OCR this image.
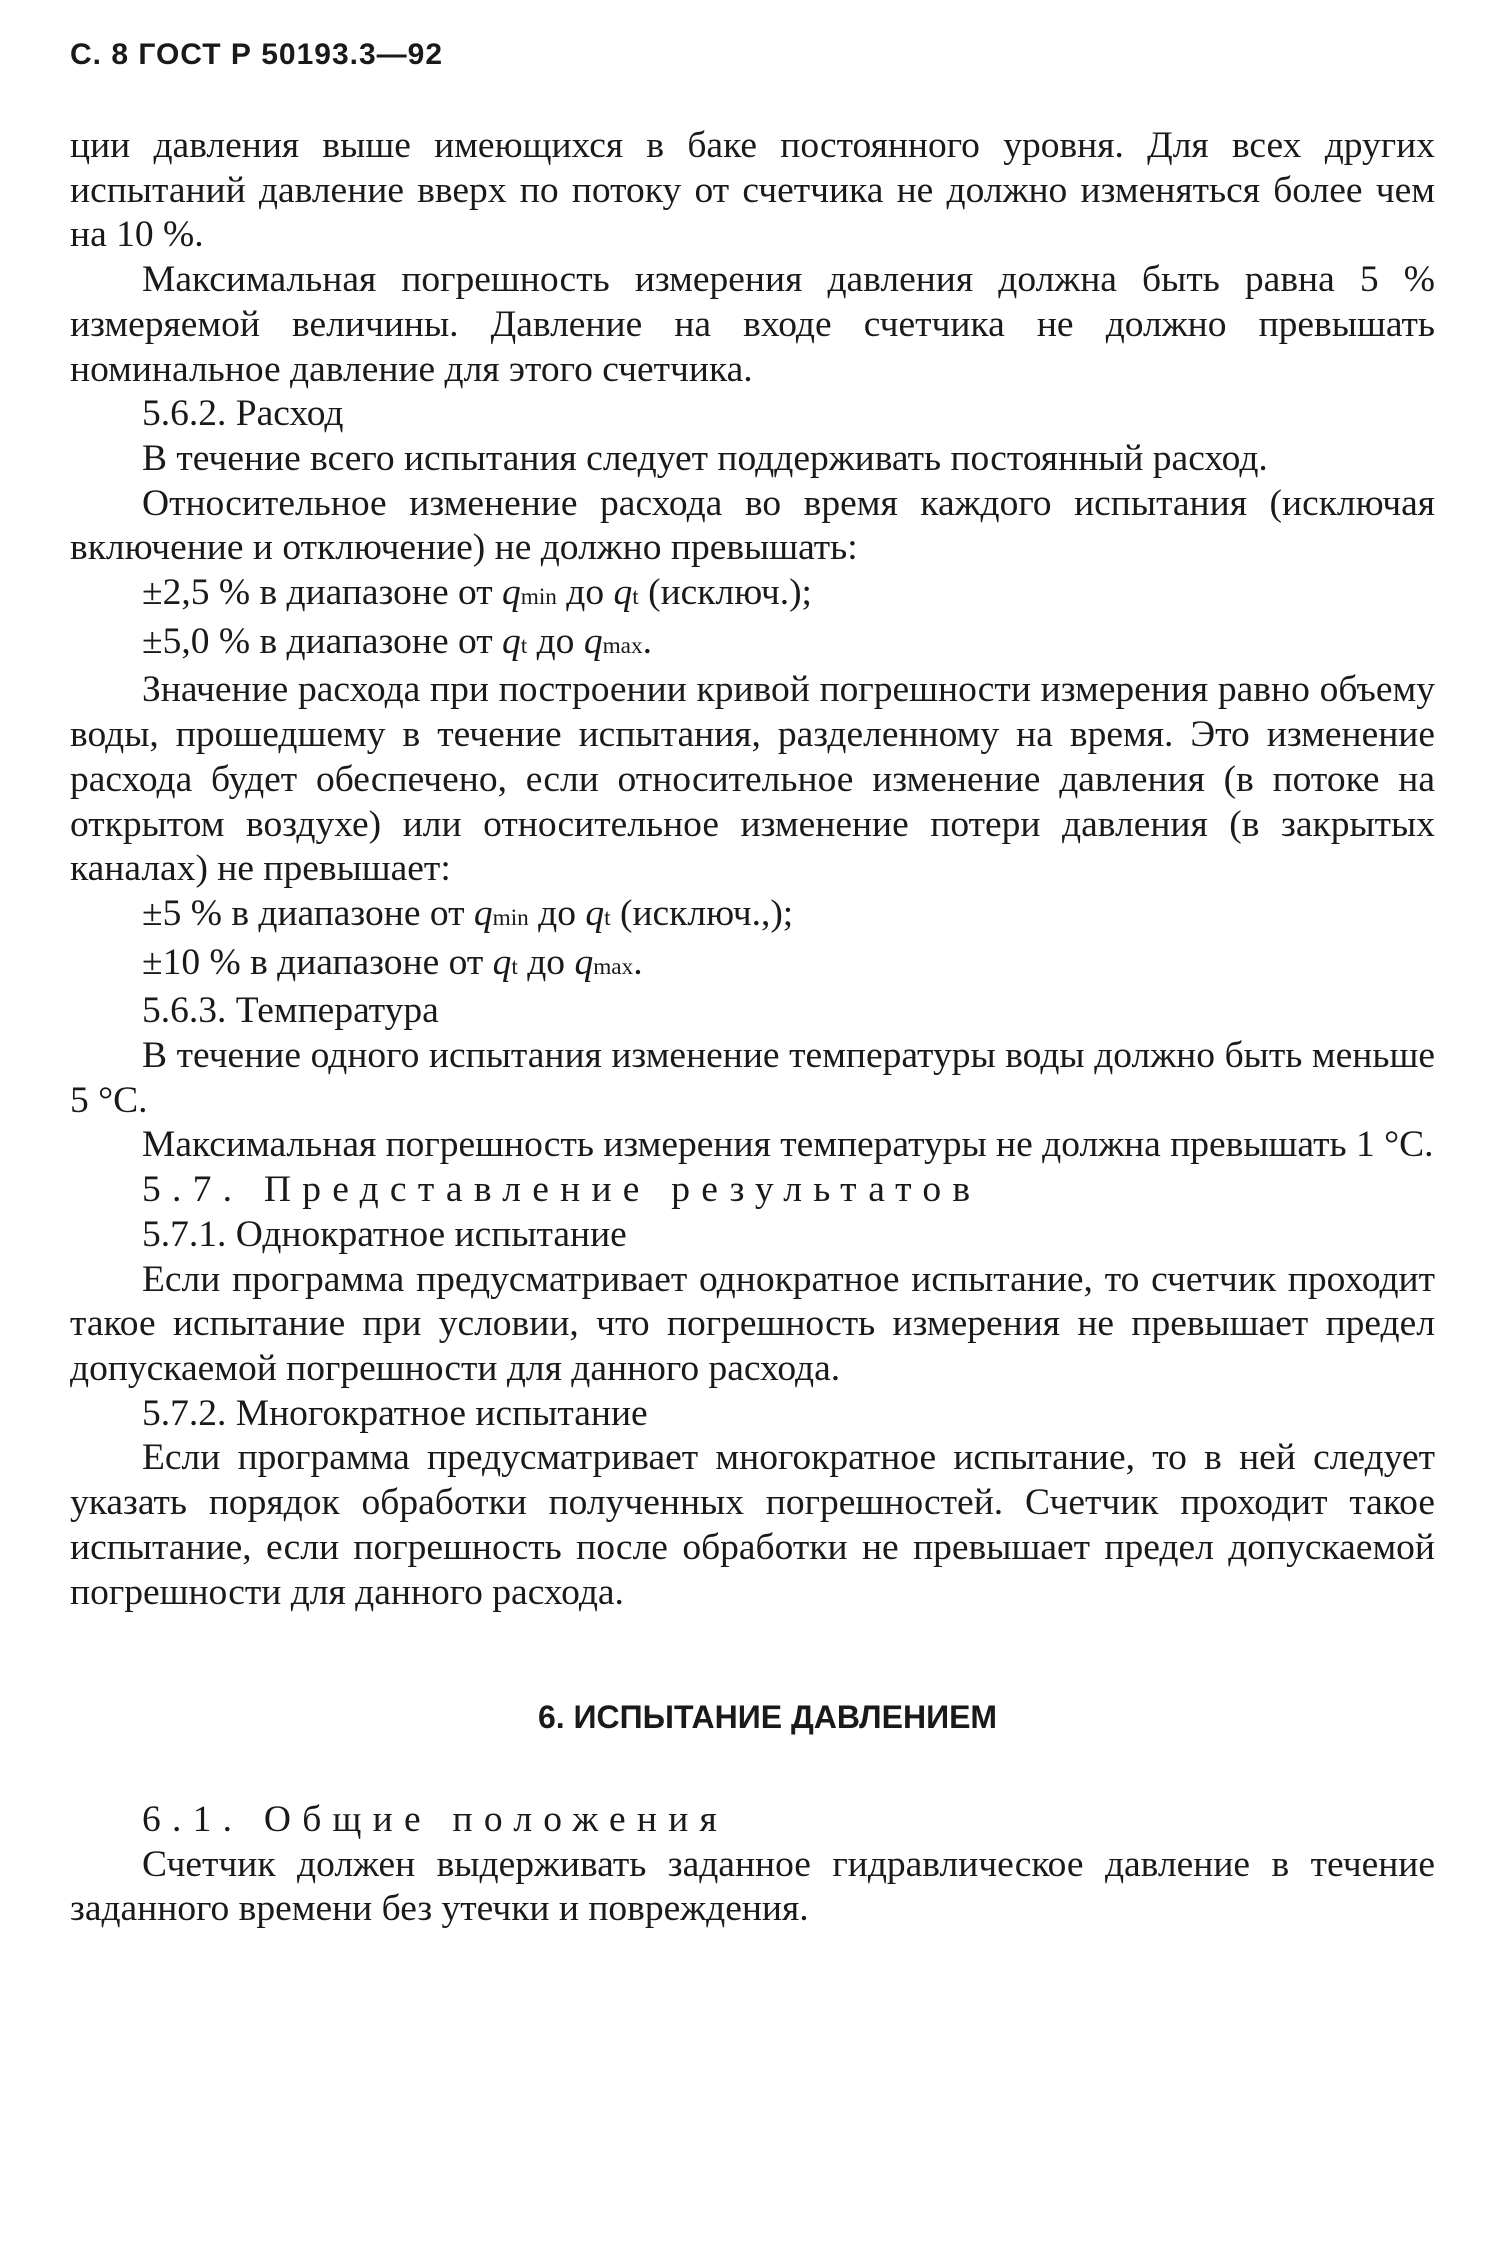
С. 8 ГОСТ Р 50193.3—92

ции давления выше имеющихся в баке постоянного уровня. Для всех других испытаний давление вверх по потоку от счетчика не должно изменяться более чем на 10 %.

Максимальная погрешность измерения давления должна быть равна 5 % измеряемой величины. Давление на входе счетчика не должно превышать номинальное давление для этого счетчика.

5.6.2. Расход

В течение всего испытания следует поддерживать постоянный расход.

Относительное изменение расхода во время каждого испытания (исключая включение и отключение) не должно превышать:

±2,5 % в диапазоне от qmin до qt (исключ.);

±5,0 % в диапазоне от qt до qmax.

Значение расхода при построении кривой погрешности измерения равно объему воды, прошедшему в течение испытания, разделенному на время. Это изменение расхода будет обеспечено, если относительное изменение давления (в потоке на открытом воздухе) или относительное изменение потери давления (в закрытых каналах) не превышает:

±5 % в диапазоне от qmin до qt (исключ.,);

±10 % в диапазоне от qt до qmax.

5.6.3. Температура

В течение одного испытания изменение температуры воды должно быть меньше 5 °С.

Максимальная погрешность измерения температуры не должна превышать 1 °С.

5.7. Представление результатов

5.7.1. Однократное испытание

Если программа предусматривает однократное испытание, то счетчик проходит такое испытание при условии, что погрешность измерения не превышает предел допускаемой погрешности для данного расхода.

5.7.2. Многократное испытание

Если программа предусматривает многократное испытание, то в ней следует указать порядок обработки полученных погрешностей. Счетчик проходит такое испытание, если погрешность после обработки не превышает предел допускаемой погрешности для данного расхода.

6. ИСПЫТАНИЕ ДАВЛЕНИЕМ

6.1. Общие положения

Счетчик должен выдерживать заданное гидравлическое давление в течение заданного времени без утечки и повреждения.
